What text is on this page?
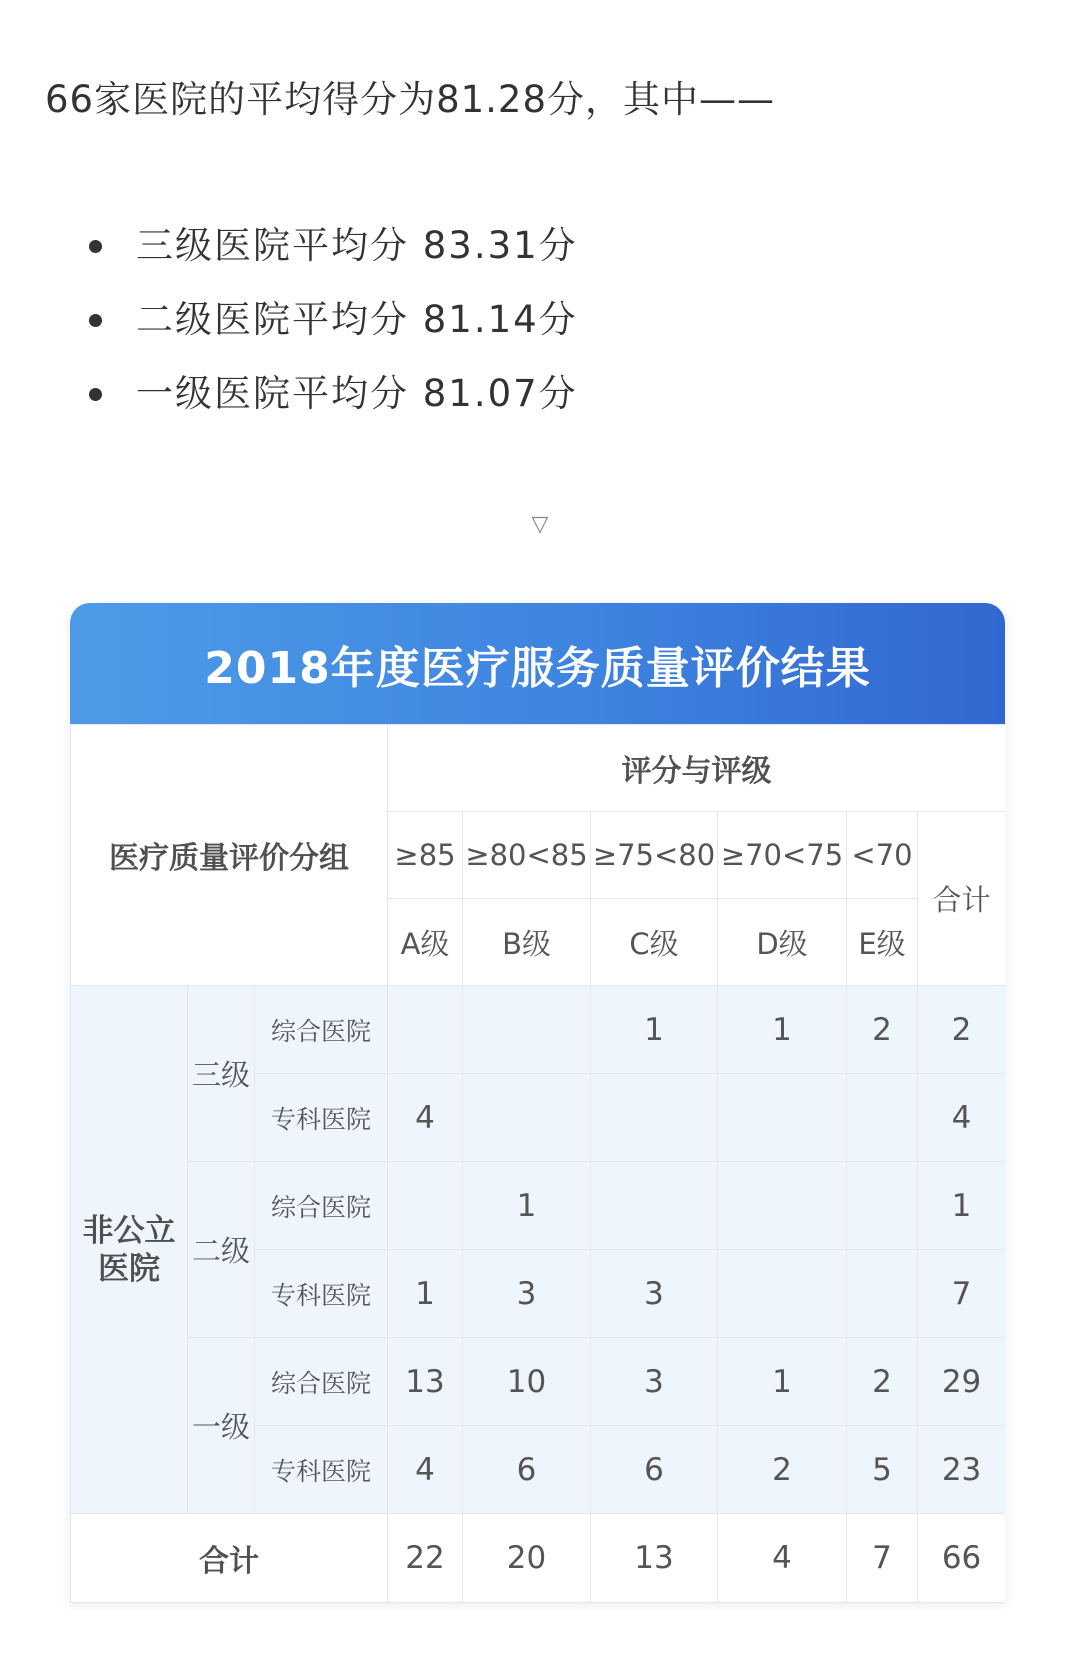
66家医院的平均得分为81.28分，其中——

三级医院平均分 83.31分
二级医院平均分 81.14分
一级医院平均分 81.07分
▽
2018年度医疗服务质量评价结果
医疗质量评价分组			评分与评级					
			≥85	≥80<85	≥75<80	≥70<75	<70	合计
			A级	B级	C级	D级	E级	
非公立
医院	三级	综合医院			1	1	2	2
		专科医院	4					4
	二级	综合医院		1				1
		专科医院	1	3	3			7
	一级	综合医院	13	10	3	1	2	29
		专科医院	4	6	6	2	5	23
合计			22	20	13	4	7	66
